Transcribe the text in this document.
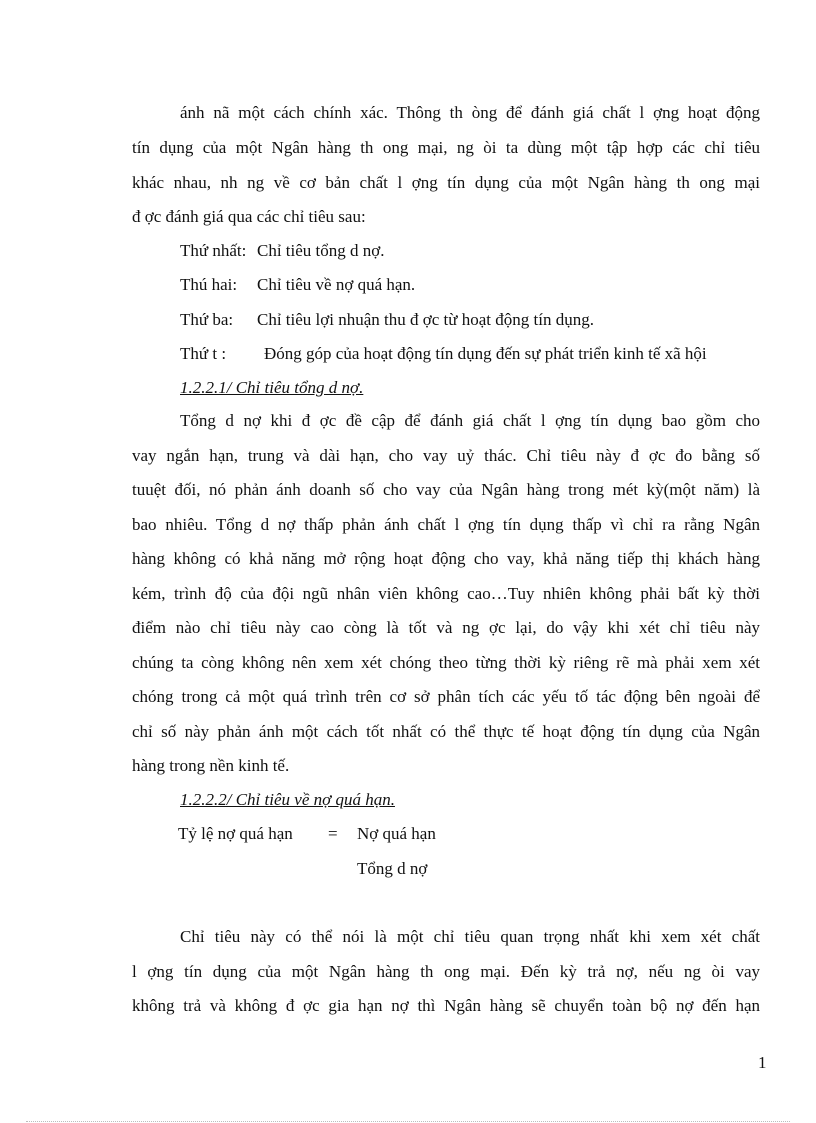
ánh nã một cách chính xác. Thông th òng để đánh giá chất l ợng hoạt động
tín dụng của một Ngân hàng th ong mại, ng òi ta dùng một tập hợp các chỉ tiêu
khác nhau, nh ng về cơ bản chất l ợng tín dụng của một Ngân hàng th ong mại
đ ợc đánh giá qua các chỉ tiêu sau:
Thứ nhất: Chỉ tiêu tổng d nợ.
Thú hai: Chỉ tiêu về nợ quá hạn.
Thứ ba: Chỉ tiêu lợi nhuận thu đ ợc từ hoạt động tín dụng.
Thứ t : Đóng góp của hoạt động tín dụng đến sự phát triển kinh tế xã hội
1.2.2.1/ Chỉ tiêu tổng d nợ.
Tổng d nợ khi đ ợc đề cập để đánh giá chất l ợng tín dụng bao gồm cho
vay ngắn hạn, trung và dài hạn, cho vay uỷ thác. Chỉ tiêu này đ ợc đo bằng số
tuuệt đối, nó phản ánh doanh số cho vay của Ngân hàng trong mét kỳ(một năm) là
bao nhiêu. Tổng d nợ thấp phản ánh chất l ợng tín dụng thấp vì chỉ ra rằng Ngân
hàng không có khả năng mở rộng hoạt động cho vay, khả năng tiếp thị khách hàng
kém, trình độ của đội ngũ nhân viên không cao…Tuy nhiên không phải bất kỳ thời
điểm nào chỉ tiêu này cao còng là tốt và ng ợc lại, do vậy khi xét chỉ tiêu này
chúng ta còng không nên xem xét chóng theo từng thời kỳ riêng rẽ mà phải xem xét
chóng trong cả một quá trình trên cơ sở phân tích các yếu tố tác động bên ngoài để
chỉ số này phản ánh một cách tốt nhất có thể thực tế hoạt động tín dụng của Ngân
hàng trong nền kinh tế.
1.2.2.2/ Chỉ tiêu về nợ quá hạn.
Tỷ lệ nợ quá hạn = Nợ quá hạn
Tổng d nợ
Chỉ tiêu này có thể nói là một chỉ tiêu quan trọng nhất khi xem xét chất
l ợng tín dụng của một Ngân hàng th ong mại. Đến kỳ trả nợ, nếu ng òi vay
không trả và không đ ợc gia hạn nợ thì Ngân hàng sẽ chuyển toàn bộ nợ đến hạn
1
